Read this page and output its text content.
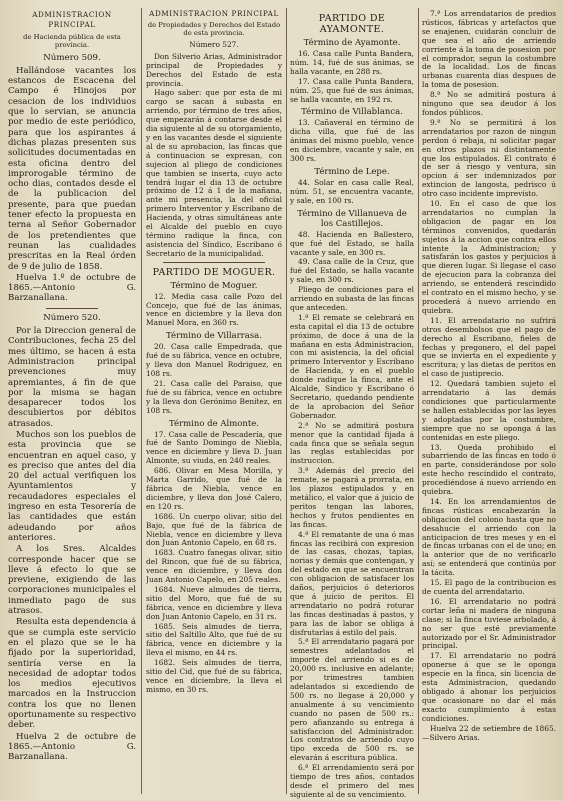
ADMINISTRACION PRINCIPAL
de Hacienda pública de esta provincia.
Número 509.

Hallándose vacantes los estancos de Escacena del Campo é Hinojos por cesacion de los individuos que lo servian, se anuncia por medio de este periódico, para que los aspirantes á dichas plazas presenten sus solicitudes documentadas en esta oficina dentro del improrogable término de ocho dias, contados desde el de la publicacion del presente, para que puedan tener efecto la propuesta en terna al Señor Gobernador de los pretendientes que reunan las cualidades prescritas en la Real órden de 9 de julio de 1858.

Huelva 1.º de octubre de 1865.—Antonio G. Barzanallana.

Número 520.

Por la Direccion general de Contribuciones, fecha 25 del mes último, se hacen á esta Administracion principal prevenciones muy apremiantes, á fin de que por la misma se hagan desaparecer todos los descubiertos por débitos atrasados.

Muchos son los pueblos de esta provincia que se encuentran en aquel caso, y es preciso que antes del dia 20 del actual verifiquen los Ayuntamientos y recaudadores especiales el ingreso en esta Tesorería de las cantidades que están adeudando por años anteriores.

A los Sres. Alcaldes corresponde hacer que se lleve á efecto lo que se previene, exigiendo de las corporaciones municipales el inmediato pago de sus atrasos.

Resulta esta dependencia á que se cumpla este servicio en el plazo que se le ha fijado por la superioridad, sentiría verse en la necesidad de adoptar todos los medios ejecutivos marcados en la Instruccion contra los que no llenen oportunamente su respectivo deber.

Huelva 2 de octubre de 1865.—Antonio G. Barzanallana.

ADMINISTRACION PRINCIPAL
de Propiedades y Derechos del Estado de esta provincia.
Número 527.

Don Silverio Arias, Administrador principal de Propiedades y Derechos del Estado de esta provincia.

Hago saber: que por esta de mi cargo se sacan á subasta en arriendo, por término de tres años, que empezarán á contarse desde el dia siguiente al de su otorgamiento, y en las vacantes desde el siguiente al de su aprobacion, las fincas que á continuacion se expresan, con sujecion al pliego de condiciones que tambien se inserta, cuyo acto tendrá lugar el dia 13 de octubre próximo de 12 á 1 de la mañana, ante mi presencia, la del oficial primero Interventor y Escribano de Hacienda, y otras simultáneas ante el Alcalde del pueblo en cuyo término radique la finca, con asistencia del Síndico, Escribano ó Secretario de la municipalidad.

PARTIDO DE MOGUER.
Término de Moguer.

12. Media casa calle Pozo del Concejo, que fué de las ánimas, vence en diciembre y la lleva don Manuel Mora, en 360 rs.

Término de Villarrasa.

20. Casa calle Empedrada, que fué de su fábrica, vence en octubre, y lleva don Manuel Rodriguez, en 108 rs.

21. Casa calle del Paraiso, que fué de su fábrica, vence en octubre y la lleva don Gerónimo Benítez, en 108 rs.

Término de Almonte.

17. Casa calle de Pescadería, que fué de Santo Domingo de Niebla, vence en diciembre y lleva D. Juan Almonte, su viuda, en 240 reales.

686. Olivar en Mesa Morilla, y Marta Garrido, que fué de la fábrica de Niebla, vence en diciembre, y lleva don José Calero, en 120 rs.

1686. Un cuerpo olivar, sitio del Bajo, que fué de la fábrica de Niebla, vence en diciembre y lleva don Juan Antonio Capelo, en 68 rs.

1683. Cuatro fanegas olivar, sitio del Rincon, que fué de su fábrica, vence en diciembre, y lleva don Juan Antonio Capelo, en 205 reales.

1684. Nueve almudes de tierra, sitio del Moro, que fué de su fábrica, vence en diciembre y lleva don Juan Antonio Capelo, en 31 rs.

1685. Seis almudes de tierra, sitio del Saltillo Alto, que fué de su fábrica, vence en diciembre y la lleva el mismo, en 44 rs.

1682. Seis almudes de tierra, sitio del Cid, que fué de su fábrica, vence en diciembre, la lleva el mismo, en 30 rs.

PARTIDO DE AYAMONTE.
Término de Ayamonte.

16. Casa calle Punta Bandera, núm. 14, fué de sus ánimas, se halla vacante, en 288 rs.

17. Casa calle Punta Bandera, núm. 25, que fué de sus ánimas, se halla vacante, en 192 rs.

Término de Villablanca.

13. Cañaveral en término de dicha villa, que fué de las ánimas del mismo pueblo, vence en diciembre, vacante y sale, en 300 rs.

Término de Lepe.

44. Solar en casa calle Real, núm. 51, se encuentra vacante, y sale, en 100 rs.

Término de Villanueva de los Castillejos.

48. Hacienda en Ballestero, que fué del Estado, se halla vacante y sale, en 300 rs.

49. Casa calle de la Cruz, que fué del Estado, se halla vacante y sale, en 300 rs.

Pliego de condiciones para el arriendo en subasta de las fincas que anteceden.

1.ª El remate se celebrará en esta capital el dia 13 de octubre próximo, de doce á una de la mañana en esta Administracion, con mi asistencia, la del oficial primero Interventor y Escribano de Hacienda, y en el pueblo donde radique la finca, ante el Alcalde, Síndico y Escribano ó Secretario, quedando pendiente de la aprobacion del Señor Gobernador.

2.ª No se admitirá postura menor que la cantidad fijada á cada finca que se señala segun las reglas establecidas por instruccion.

3.ª Además del precio del remate, se pagará a prorrata, en los plazos estipulados y en metálico, el valor que á juicio de peritos tengan las labores, hechos y frutos pendientes en las fincas.

4.ª El rematante de una ó mas fincas las recibirá con expresion de las casas, chozas, tapias, norias y demás que contengan, y del estado en que se encuentran con obligacion de satisfacer los daños, perjuicios ó deterioros que á juicio de peritos. El arrendatario no podrá roturar las fincas destinadas á pastos, y para las de labor se obliga á disfrutarlas á estilo del país.

5.ª El arrendatario pagará por semestres adelantados el importe del arriendo si es de 20,000 rs. inclusive en adelante; por trimestres tambien adelantados si excediendo de 500 rs. no llegase á 20,000 y anualmente á su vencimiento cuando no pasen de 500 rs.: pero afianzando su entrega á satisfaccion del Administrador. Los contratos de arriendo cuyo tipo exceda de 500 rs. se elevarán á escritura pública.

6.ª El arrendamiento será por tiempo de tres años, contados desde el primero del mes siguiente al de su vencimiento.

7.ª Los arrendatarios de predios rústicos, fábricas y artefactos que se enajenen, cuidarán concluir de que sea el año de arriendo corriente á la toma de posesion por el comprador, segun la costumbre de la localidad. Los de fincas urbanas cuarenta dias despues de la toma de posesion.

8.ª No se admitirá postura á ninguno que sea deudor á los fondos públicos.

9.ª No se permitirá á los arrendatarios por razon de ningun perdon ó rebaja, ni solicitar pagar en otros plazos ni distintamente que los estipulados. El contrato é de ser á riesgo y ventura, sin opcion á ser indemnizados por extincion de langosta, pedrisco ú otro caso incidente imprevisto.

10. En el caso de que los arrendatarios no cumplan la obligacion de pagar en los términos convenidos, quedarán sujetos á la accion que contra ellos intente la Administracion; y satisfarán los gastos y perjuicios á que dieren lugar. Si llegase el caso de ejecucion para la cobranza del arriendo, se entenderá rescindido el contrato en el mismo hecho, y se procederá á nuevo arriendo en quiebra.

11. El arrendatario no sufrirá otros desembolsos que el pago de derecho al Escribano, fieles de fechas y pregonero, el del papel que se invierta en el expediente y escritura; y las dietas de peritos en el caso de justiprecio.

12. Quedará tambien sujeto el arrendatario á las demás condiciones que particularmente se hallen establecidas por las leyes y adoptadas por la costumbre, siempre que no se oponga á las contenidas en este pliego.

13. Queda prohibido el subarriendo de las fincas en todo ó en parte, considerándose por solo este hecho rescindido el contrato, procediéndose á nuevo arriendo en quiebra.

14. En los arrendamientos de fincas rústicas encabezarán la obligacion del colono hasta que no desahucie el arriendo con la anticipacion de tres meses y en el de fincas urbanas con el de uno; en la anterior que de no verificarlo así; se entenderá que continúa por la tácita.

15. El pago de la contribucion es de cuenta del arrendatario.

16. El arrendatario no podrá cortar leña ni madera de ninguna clase; si la finca tuviese arbolado, á no ser que esté previamente autorizado por el Sr. Administrador principal.

17. El arrendatario no podrá oponerse á que se le oponga especie en la finca, sin licencia de esta Administracion, quedando obligado á abonar los perjuicios que ocasionare no dar el más exacto cumplimiento á estas condiciones.

Huelva 22 de setiembre de 1865. —Silvero Arias.
